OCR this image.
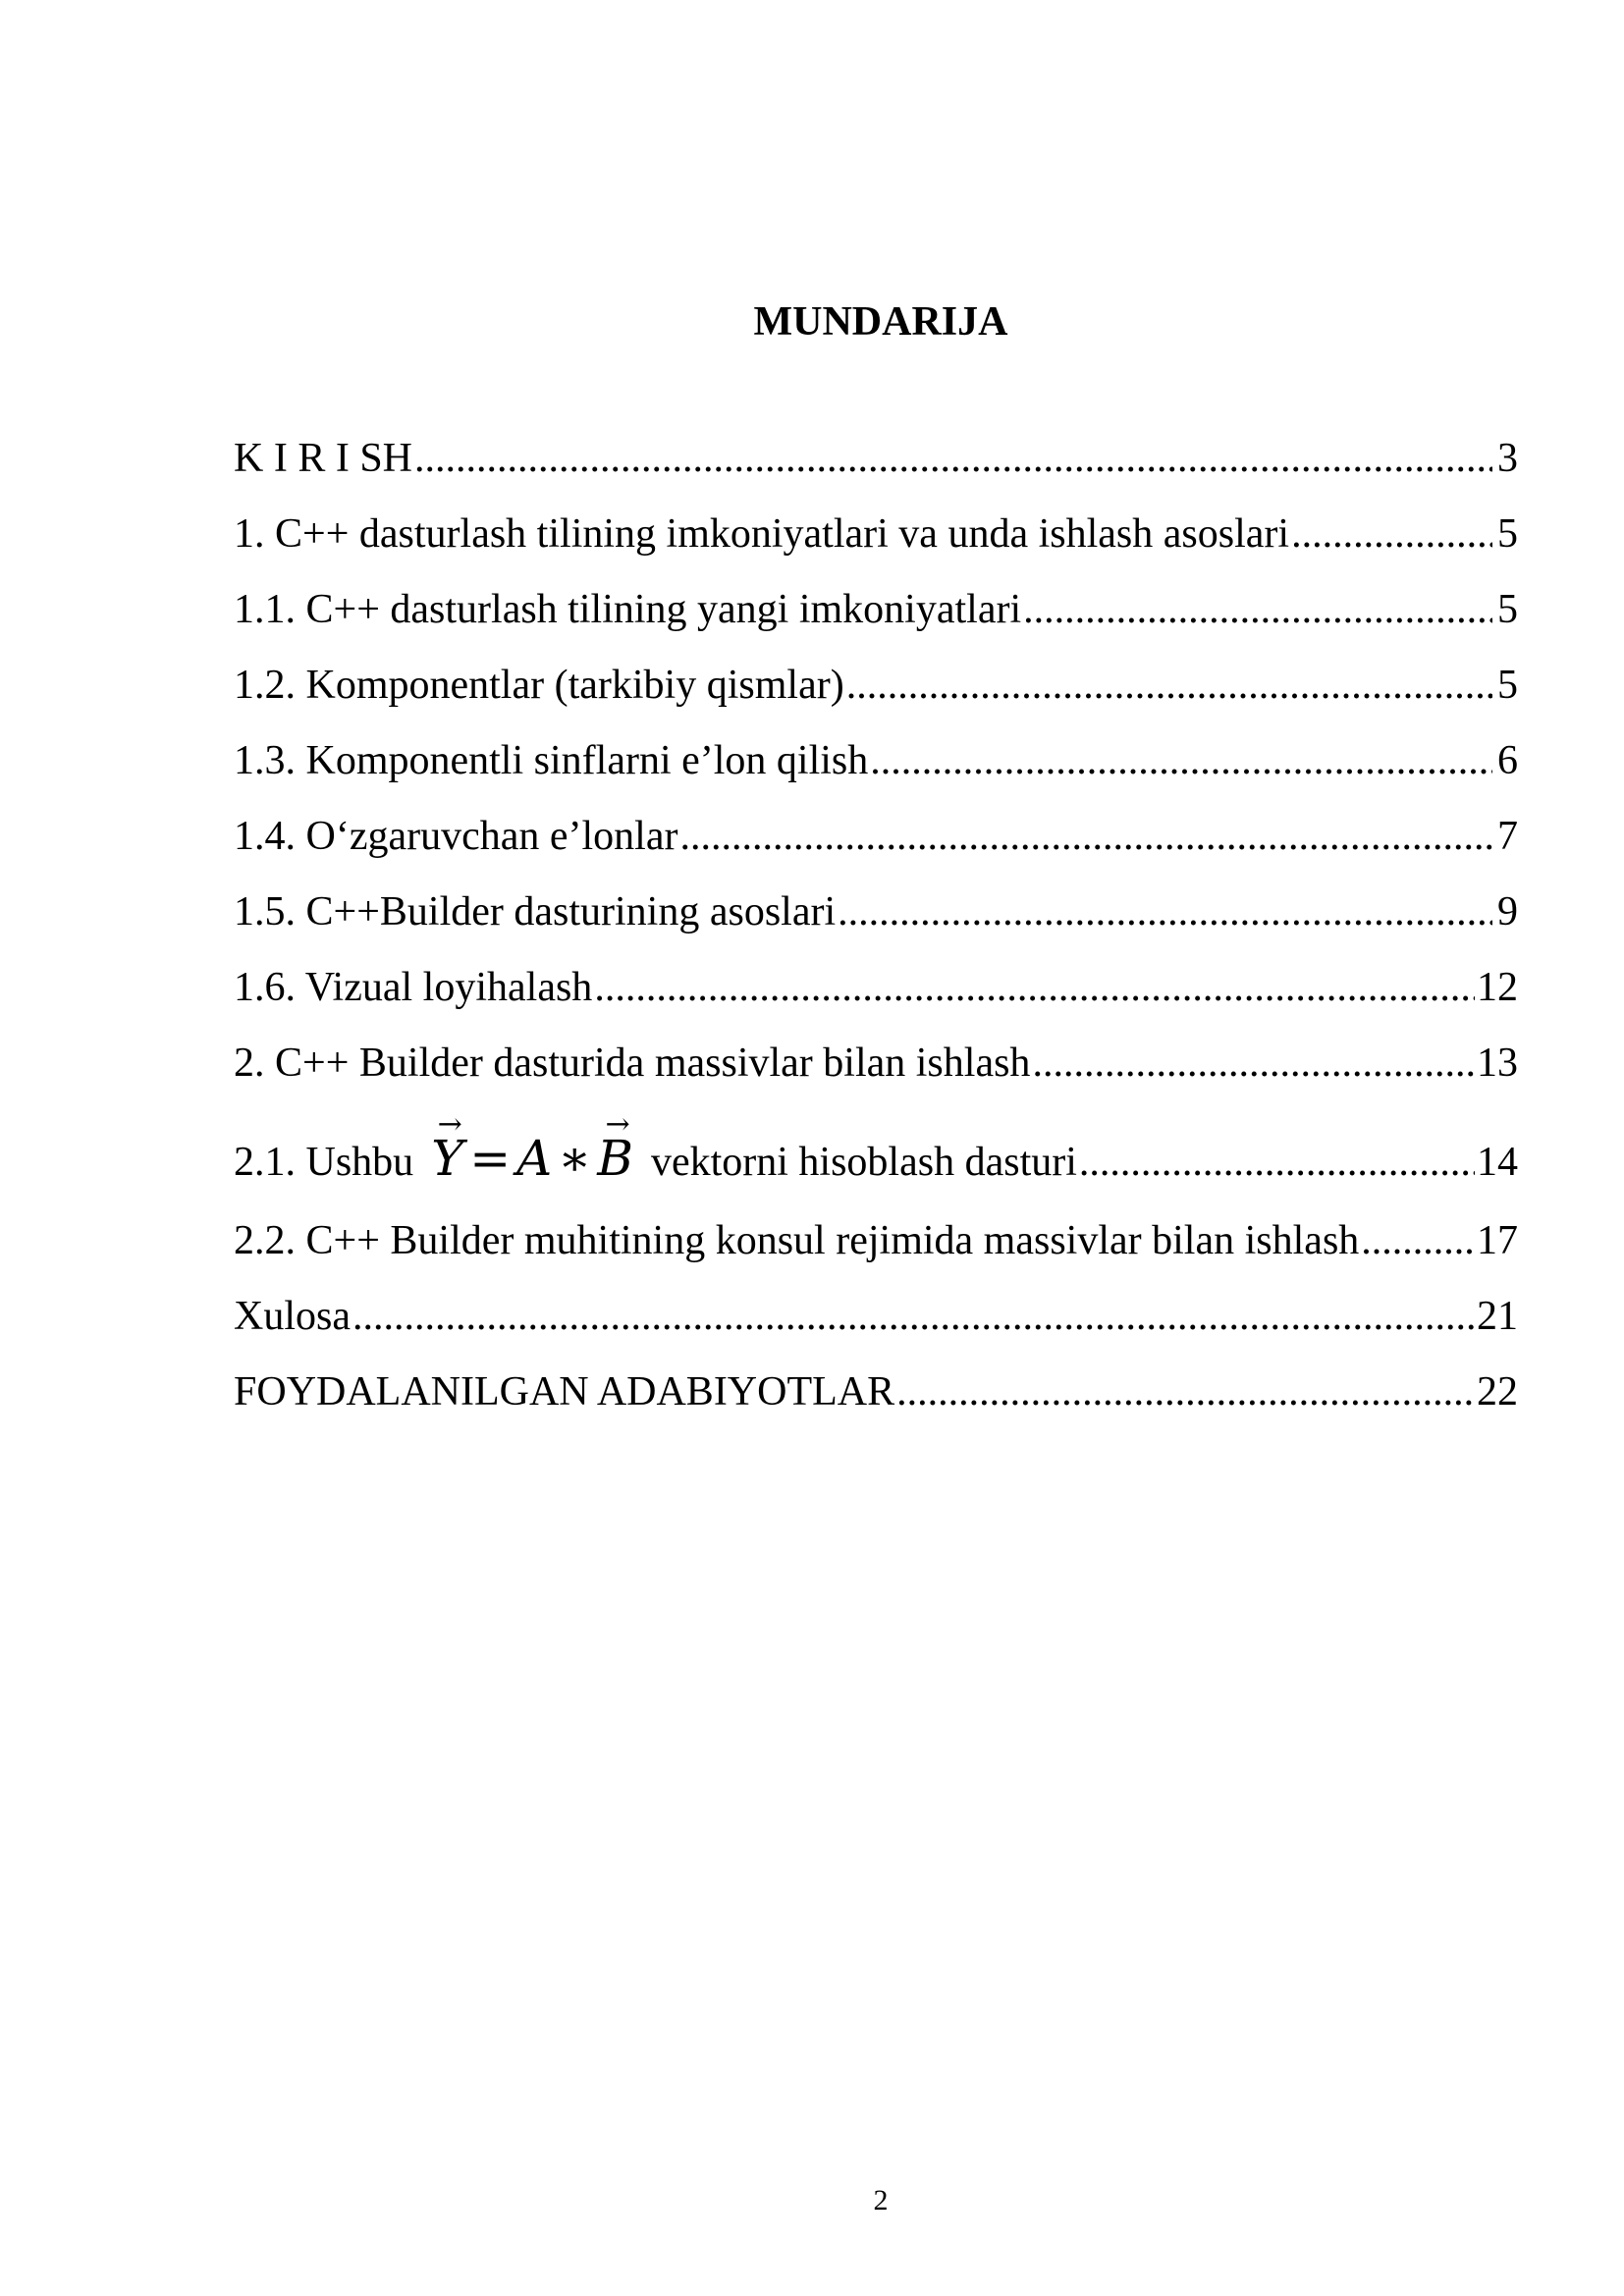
MUNDARIJA
K I R I SH .....	3
1. C++ dasturlash tilining imkoniyatlari va unda ishlash asoslari .....	5
1.1. C++ dasturlash tilining yangi imkoniyatlari .....	5
1.2. Komponentlar (tarkibiy qismlar) .....	5
1.3. Komponentli sinflarni e’lon qilish .....	6
1.4. O‘zgaruvchan e’lonlar .....	7
1.5. C++Builder dasturining asoslari .....	9
1.6. Vizual loyihalash .....	12
2. C++ Builder dasturida massivlar bilan ishlash .....	13
2.1. Ushbu Y → = A ∗ B → vektorni hisoblash dasturi .....	14
2.2. C++ Builder muhitining konsul rejimida massivlar bilan ishlash .....	17
Xulosa .....	21
FOYDALANILGAN ADABIYOTLAR .....	22
2
